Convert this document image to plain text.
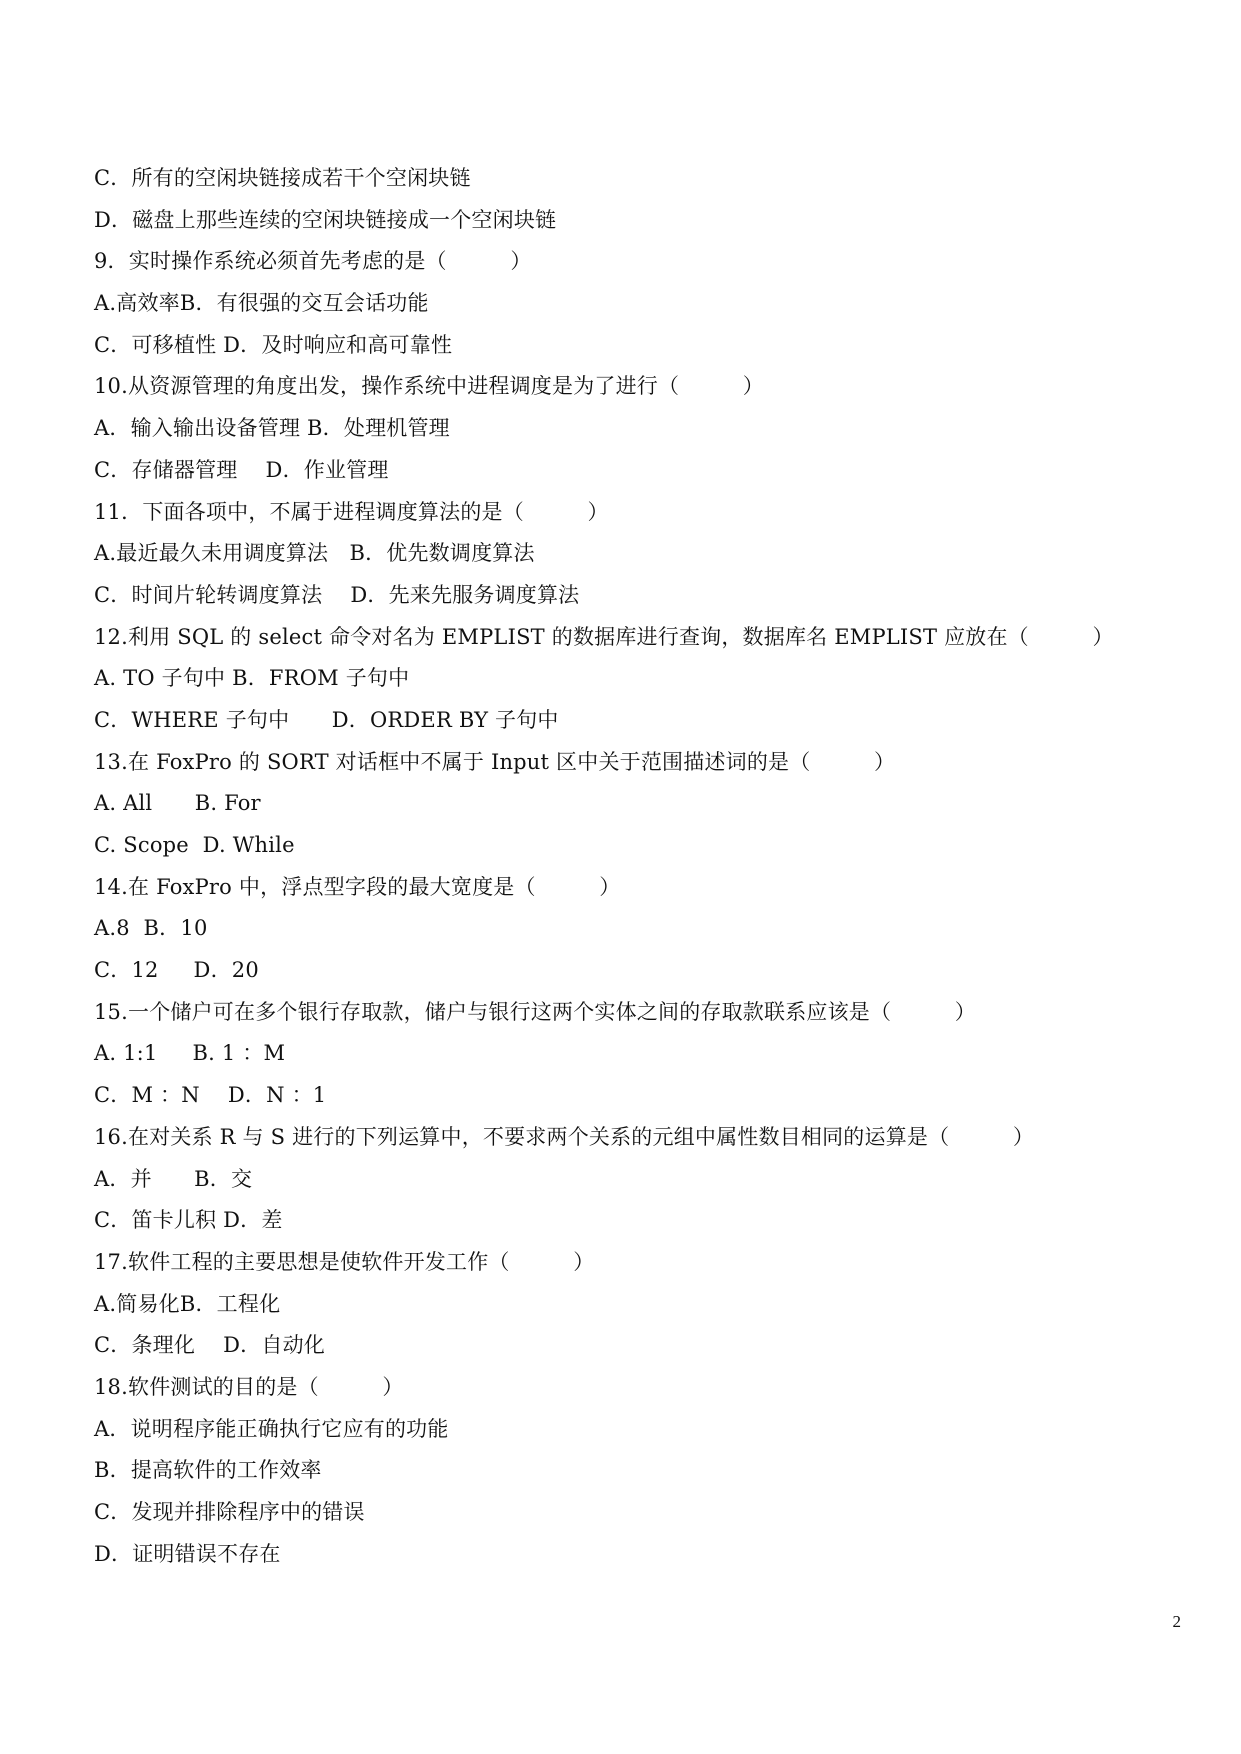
C．所有的空闲块链接成若干个空闲块链
D．磁盘上那些连续的空闲块链接成一个空闲块链
9．实时操作系统必须首先考虑的是（　　　）
A.高效率B．有很强的交互会话功能
C．可移植性 D．及时响应和高可靠性
10.从资源管理的角度出发，操作系统中进程调度是为了进行（　　　）
A．输入输出设备管理 B．处理机管理
C．存储器管理　 D．作业管理
11．下面各项中，不属于进程调度算法的是（　　　）
A.最近最久未用调度算法　B．优先数调度算法
C．时间片轮转调度算法　 D．先来先服务调度算法
12.利用 SQL 的 select 命令对名为 EMPLIST 的数据库进行查询，数据库名 EMPLIST 应放在（　　　）
A. TO 子句中 B．FROM 子句中
C．WHERE 子句中　　D．ORDER BY 子句中
13.在 FoxPro 的 SORT 对话框中不属于 Input 区中关于范围描述词的是（　　　）
A. All　　B. For
C. Scope  D. While
14.在 FoxPro 中，浮点型字段的最大宽度是（　　　）
A.8  B．10
C．12　  D．20
15.一个储户可在多个银行存取款，储户与银行这两个实体之间的存取款联系应该是（　　　）
A. 1:1　  B. 1 ：M
C．M ：N　 D．N ：1
16.在对关系 R 与 S 进行的下列运算中，不要求两个关系的元组中属性数目相同的运算是（　　　）
A．并　　B．交
C．笛卡儿积 D．差
17.软件工程的主要思想是使软件开发工作（　　　）
A.简易化B．工程化
C．条理化　 D．自动化
18.软件测试的目的是（　　　）
A．说明程序能正确执行它应有的功能
B．提高软件的工作效率
C．发现并排除程序中的错误
D．证明错误不存在
2
